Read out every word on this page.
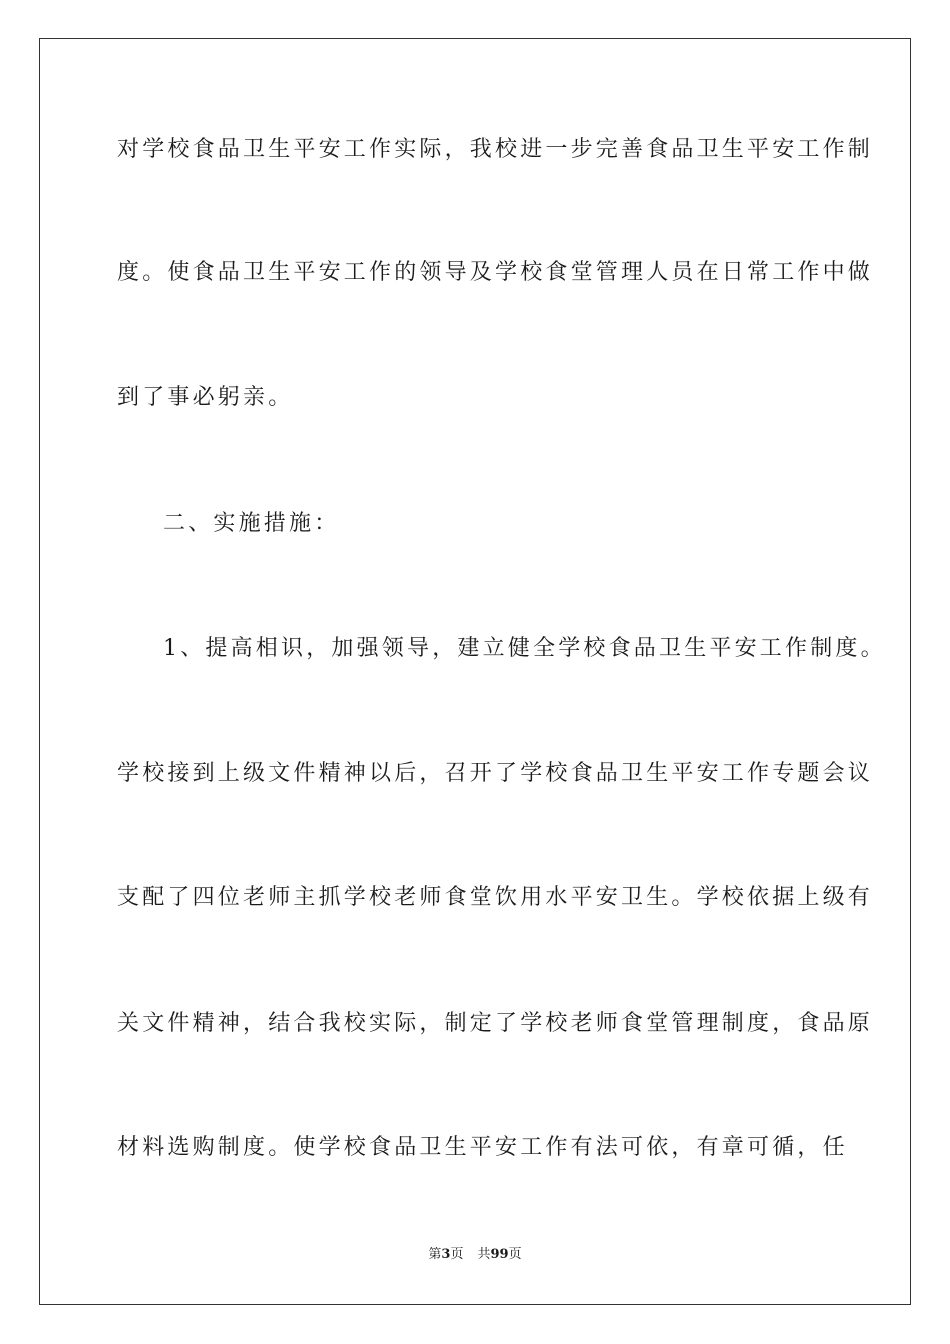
对学校食品卫生平安工作实际，我校进一步完善食品卫生平安工作制
度。使食品卫生平安工作的领导及学校食堂管理人员在日常工作中做
到了事必躬亲。
二、实施措施：
1、提高相识，加强领导，建立健全学校食品卫生平安工作制度。
学校接到上级文件精神以后，召开了学校食品卫生平安工作专题会议
支配了四位老师主抓学校老师食堂饮用水平安卫生。学校依据上级有
关文件精神，结合我校实际，制定了学校老师食堂管理制度，食品原
材料选购制度。使学校食品卫生平安工作有法可依，有章可循，任
第3页 共99页
